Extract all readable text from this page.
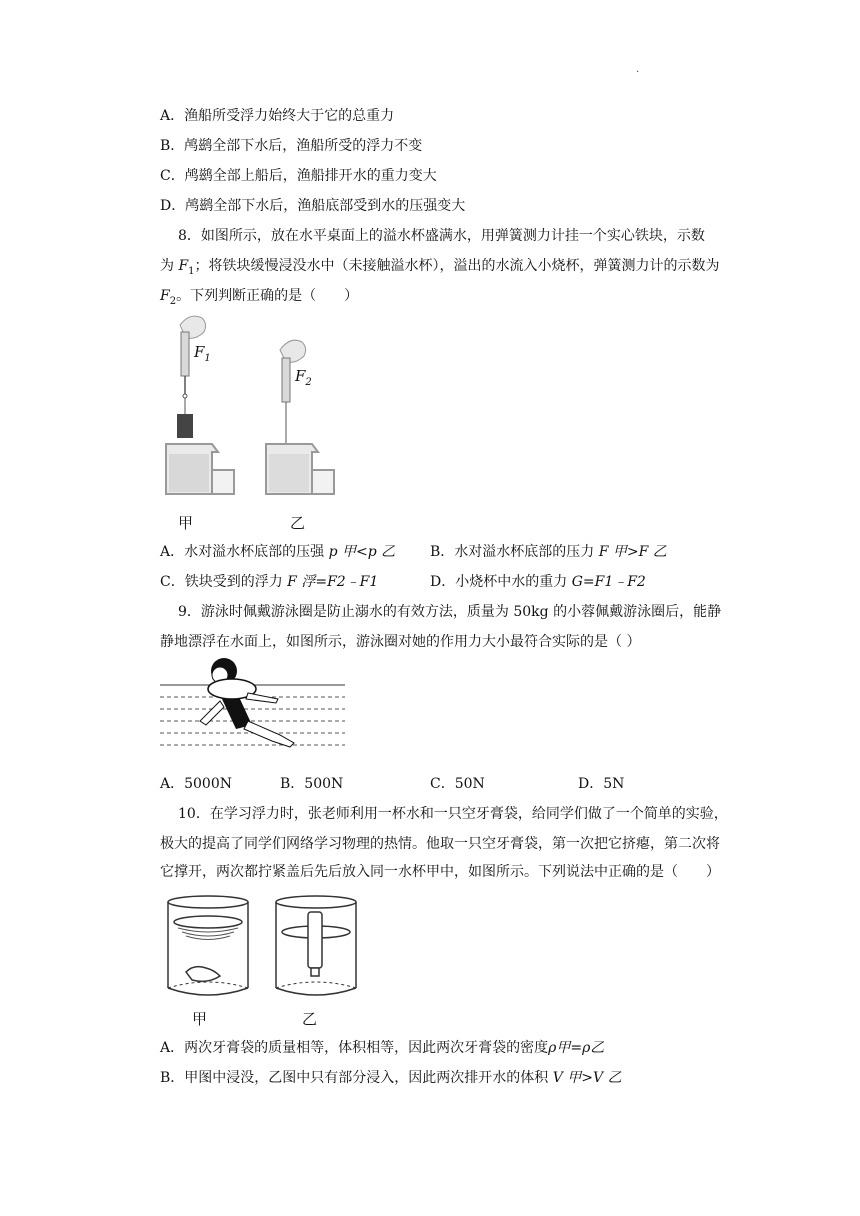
.
A．渔船所受浮力始终大于它的总重力
B．鸬鹚全部下水后，渔船所受的浮力不变
C．鸬鹚全部上船后，渔船排开水的重力变大
D．鸬鹚全部下水后，渔船底部受到水的压强变大
8．如图所示，放在水平桌面上的溢水杯盛满水，用弹簧测力计挂一个实心铁块，示数
为 $F_1$；将铁块缓慢浸没水中（未接触溢水杯），溢出的水流入小烧杯，弹簧测力计的示数为
$F_2$。下列判断正确的是（　　）
$F_1$
$F_2$
甲	乙
A．水对溢水杯底部的压强 p 甲<p 乙 B．水对溢水杯底部的压力 F 甲>F 乙
C．铁块受到的浮力 F 浮=F2﹣F1	D．小烧杯中水的重力 G=F1﹣F2
9．游泳时佩戴游泳圈是防止溺水的有效方法，质量为 50kg 的小蓉佩戴游泳圈后，能静
静地漂浮在水面上，如图所示，游泳圈对她的作用力大小最符合实际的是（ ）
A．5000N	B．500N	C．50N	D．5N
10．在学习浮力时，张老师利用一杯水和一只空牙膏袋，给同学们做了一个简单的实验，
极大的提高了同学们网络学习物理的热情。他取一只空牙膏袋，第一次把它挤瘪，第二次将
它撑开，两次都拧紧盖后先后放入同一水杯甲中，如图所示。下列说法中正确的是（　　）
甲	乙
A．两次牙膏袋的质量相等，体积相等，因此两次牙膏袋的密度ρ甲=ρ乙
B．甲图中浸没，乙图中只有部分浸入，因此两次排开水的体积 V 甲>V 乙
